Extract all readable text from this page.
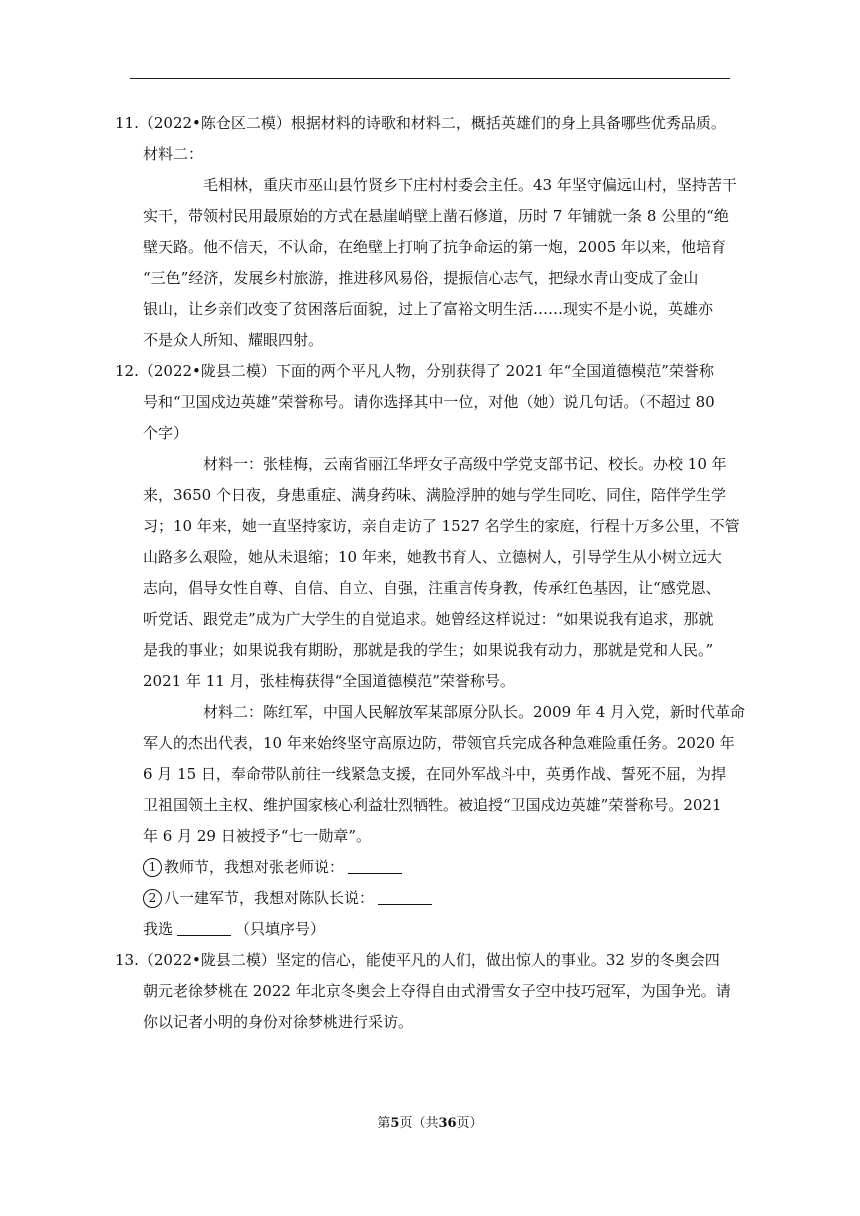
11.（2022•陈仓区二模）根据材料的诗歌和材料二，概括英雄们的身上具备哪些优秀品质。
材料二：
毛相林，重庆市巫山县竹贤乡下庄村村委会主任。43 年坚守偏远山村，坚持苦干
实干，带领村民用最原始的方式在悬崖峭壁上凿石修道，历时 7 年铺就一条 8 公里的“绝
壁天路。他不信天，不认命，在绝壁上打响了抗争命运的第一炮，2005 年以来，他培育
“三色”经济，发展乡村旅游，推进移风易俗，提振信心志气，把绿水青山变成了金山
银山，让乡亲们改变了贫困落后面貌，过上了富裕文明生活……现实不是小说，英雄亦
不是众人所知、耀眼四射。
12.（2022•陇县二模）下面的两个平凡人物，分别获得了 2021 年“全国道德模范”荣誉称
号和“卫国戍边英雄”荣誉称号。请你选择其中一位，对他（她）说几句话。（不超过 80
个字）
材料一：张桂梅，云南省丽江华坪女子高级中学党支部书记、校长。办校 10 年
来，3650 个日夜，身患重症、满身药味、满脸浮肿的她与学生同吃、同住，陪伴学生学
习；10 年来，她一直坚持家访，亲自走访了 1527 名学生的家庭，行程十万多公里，不管
山路多么艰险，她从未退缩；10 年来，她教书育人、立德树人，引导学生从小树立远大
志向，倡导女性自尊、自信、自立、自强，注重言传身教，传承红色基因，让“感党恩、
听党话、跟党走”成为广大学生的自觉追求。她曾经这样说过：“如果说我有追求，那就
是我的事业；如果说我有期盼，那就是我的学生；如果说我有动力，那就是党和人民。”
2021 年 11 月，张桂梅获得“全国道德模范”荣誉称号。
材料二：陈红军，中国人民解放军某部原分队长。2009 年 4 月入党，新时代革命
军人的杰出代表，10 年来始终坚守高原边防，带领官兵完成各种急难险重任务。2020 年
6 月 15 日，奉命带队前往一线紧急支援，在同外军战斗中，英勇作战、誓死不屈，为捍
卫祖国领土主权、维护国家核心利益壮烈牺牲。被追授“卫国戍边英雄”荣誉称号。2021
年 6 月 29 日被授予“七一勋章”。
1 教师节，我想对张老师说：
2 八一建军节，我想对陈队长说：
我选	（只填序号）
13.（2022•陇县二模）坚定的信心，能使平凡的人们，做出惊人的事业。32 岁的冬奥会四
朝元老徐梦桃在 2022 年北京冬奥会上夺得自由式滑雪女子空中技巧冠军，为国争光。请
你以记者小明的身份对徐梦桃进行采访。
第5页（共36页）
